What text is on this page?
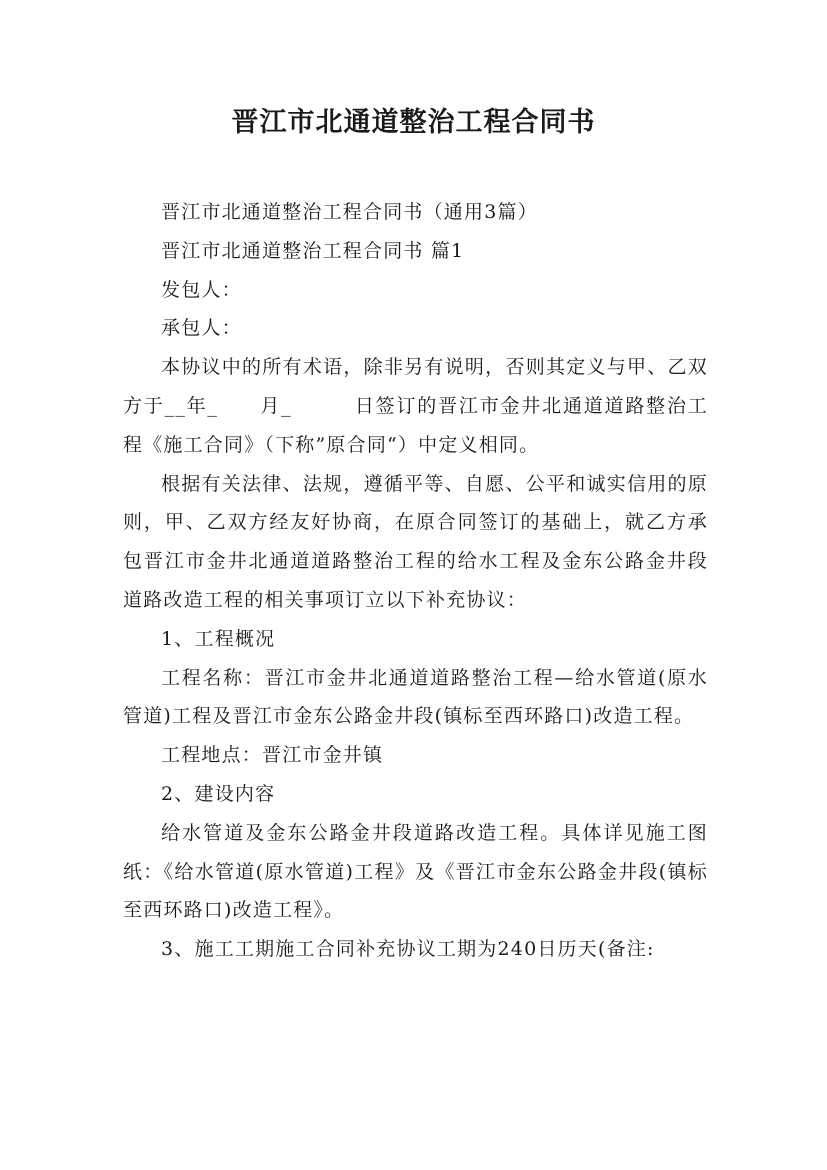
晋江市北通道整治工程合同书

晋江市北通道整治工程合同书（通用3篇）

晋江市北通道整治工程合同书 篇1

发包人：

承包人：

本协议中的所有术语，除非另有说明，否则其定义与甲、乙双方于__年_　　月_　　　日签订的晋江市金井北通道道路整治工程《施工合同》（下称”原合同“）中定义相同。

根据有关法律、法规，遵循平等、自愿、公平和诚实信用的原则，甲、乙双方经友好协商，在原合同签订的基础上，就乙方承包晋江市金井北通道道路整治工程的给水工程及金东公路金井段道路改造工程的相关事项订立以下补充协议：

1、工程概况

工程名称：晋江市金井北通道道路整治工程—给水管道(原水管道)工程及晋江市金东公路金井段(镇标至西环路口)改造工程。

工程地点：晋江市金井镇

2、建设内容

给水管道及金东公路金井段道路改造工程。具体详见施工图纸：《给水管道(原水管道)工程》及《晋江市金东公路金井段(镇标至西环路口)改造工程》。

3、施工工期施工合同补充协议工期为240日历天(备注:
